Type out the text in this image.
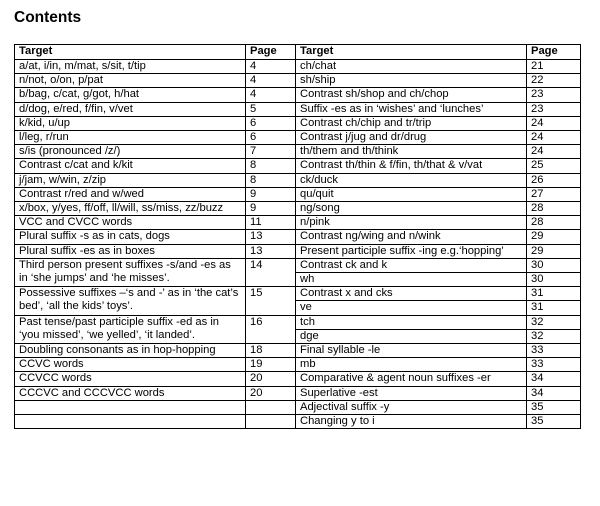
Contents
Target	Page	Target	Page
a/at, i/in, m/mat, s/sit, t/tip	4	ch/chat	21
n/not, o/on, p/pat	4	sh/ship	22
b/bag, c/cat, g/got, h/hat	4	Contrast sh/shop and ch/chop	23
d/dog, e/red, f/fin, v/vet	5	Suffix -es as in ‘wishes’ and ‘lunches’	23
k/kid, u/up	6	Contrast ch/chip and tr/trip	24
l/leg, r/run	6	Contrast j/jug and dr/drug	24
s/is (pronounced /z/)	7	th/them and th/think	24
Contrast c/cat and k/kit	8	Contrast th/thin & f/fin, th/that & v/vat	25
j/jam, w/win, z/zip	8	ck/duck	26
Contrast r/red and w/wed	9	qu/quit	27
x/box, y/yes, ff/off, ll/will, ss/miss, zz/buzz	9	ng/song	28
VCC and CVCC words	11	n/pink	28
Plural suffix -s as in cats, dogs	13	Contrast ng/wing and n/wink	29
Plural suffix -es as in boxes	13	Present participle suffix -ing e.g.‘hopping’	29
Third person present suffixes -s/and -es as in ‘she jumps’ and ‘he misses’.	14	Contrast ck and k	30
		wh	30
Possessive suffixes –‘s and -’ as in ‘the cat’s bed’, ‘all the kids’ toys’.	15	Contrast x and cks	31
		ve	31
Past tense/past participle suffix -ed as in ‘you missed’, ‘we yelled’, ‘it landed’.	16	tch	32
		dge	32
Doubling consonants as in hop-hopping	18	Final syllable -le	33
CCVC words	19	mb	33
CCVCC words	20	Comparative & agent noun suffixes -er	34
CCCVC and CCCVCC words	20	Superlative -est	34
		Adjectival suffix -y	35
		Changing y to i	35
